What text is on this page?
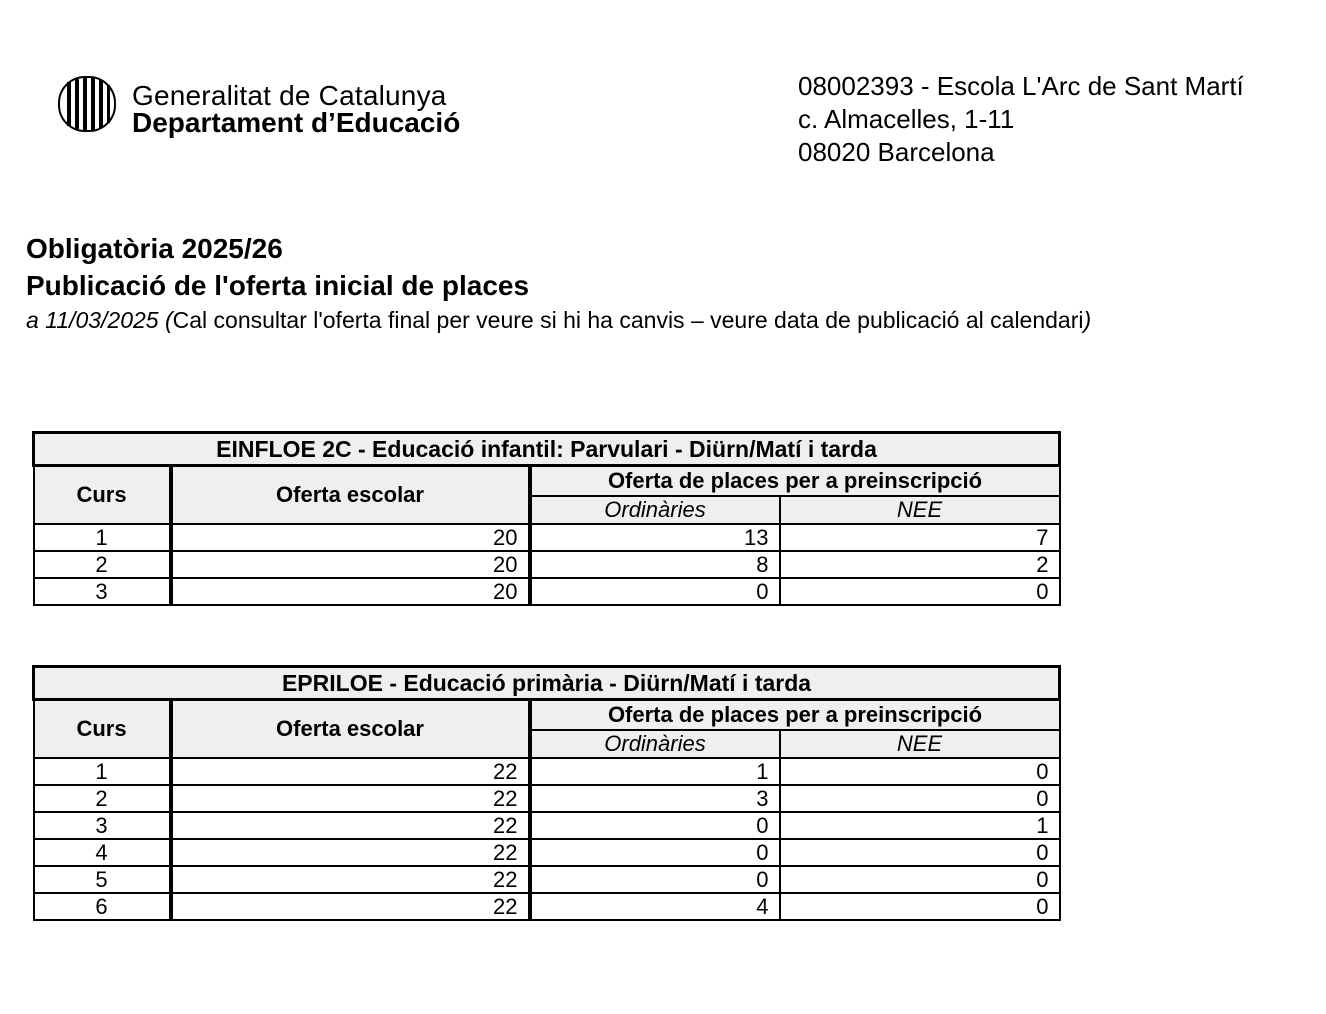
Generalitat de Catalunya
Departament d’Educació
08002393 - Escola L'Arc de Sant Martí
c. Almacelles, 1-11
08020 Barcelona
Obligatòria 2025/26
Publicació de l'oferta inicial de places
a 11/03/2025 (Cal consultar l'oferta final per veure si hi ha canvis – veure data de publicació al calendari)
EINFLOE 2C - Educació infantil: Parvulari - Diürn/Matí i tarda			
Curs	Oferta escolar	Oferta de places per a preinscripció	
		Ordinàries	NEE
1	20	13	7
2	20	8	2
3	20	0	0
EPRILOE - Educació primària - Diürn/Matí i tarda			
Curs	Oferta escolar	Oferta de places per a preinscripció	
		Ordinàries	NEE
1	22	1	0
2	22	3	0
3	22	0	1
4	22	0	0
5	22	0	0
6	22	4	0
